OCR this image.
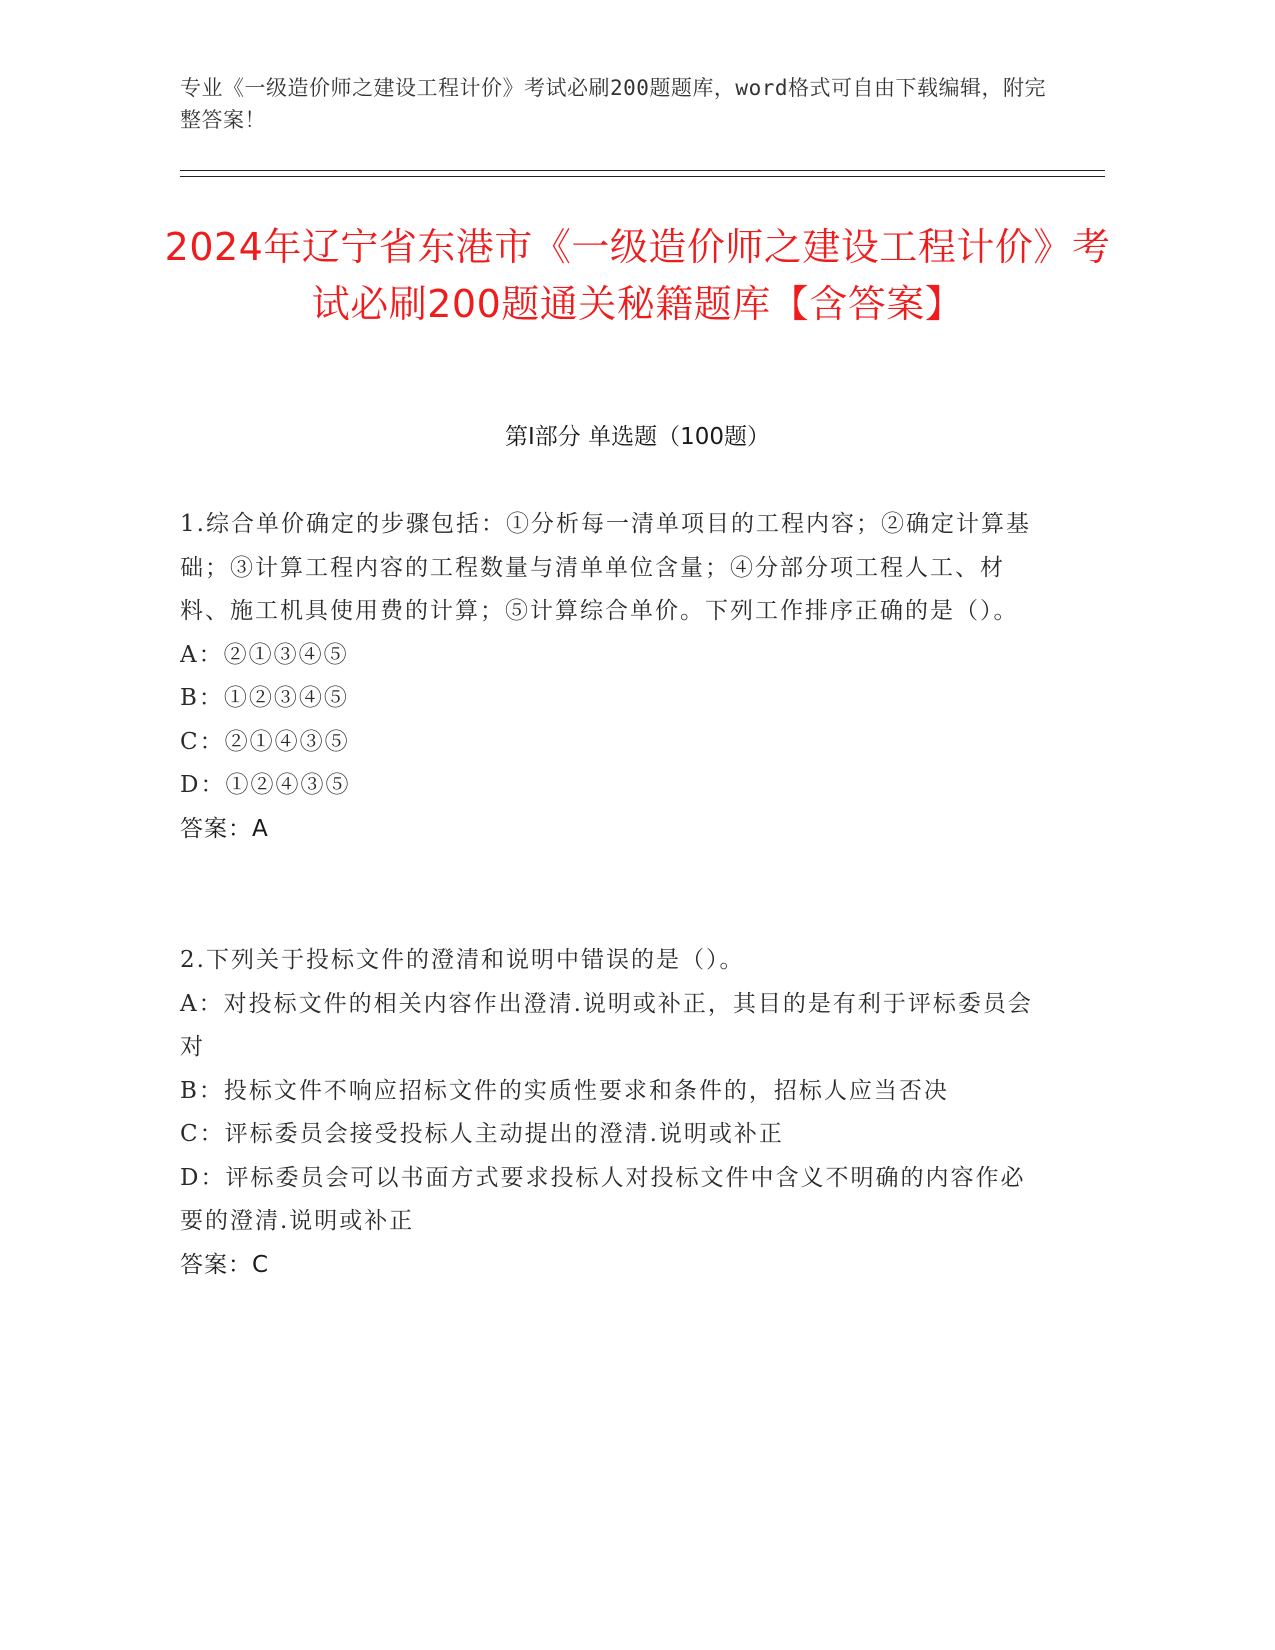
专业《一级造价师之建设工程计价》考试必刷200题题库，word格式可自由下载编辑，附完整答案！
2024年辽宁省东港市《一级造价师之建设工程计价》考试必刷200题通关秘籍题库【含答案】
第I部分 单选题（100题）

1.综合单价确定的步骤包括：①分析每一清单项目的工程内容；②确定计算基础；③计算工程内容的工程数量与清单单位含量；④分部分项工程人工、材料、施工机具使用费的计算；⑤计算综合单价。下列工作排序正确的是（）。

A：②①③④⑤

B：①②③④⑤

C：②①④③⑤

D：①②④③⑤

答案：A

2.下列关于投标文件的澄清和说明中错误的是（）。

A：对投标文件的相关内容作出澄清.说明或补正，其目的是有利于评标委员会对

B：投标文件不响应招标文件的实质性要求和条件的，招标人应当否决

C：评标委员会接受投标人主动提出的澄清.说明或补正

D：评标委员会可以书面方式要求投标人对投标文件中含义不明确的内容作必要的澄清.说明或补正

答案：C
